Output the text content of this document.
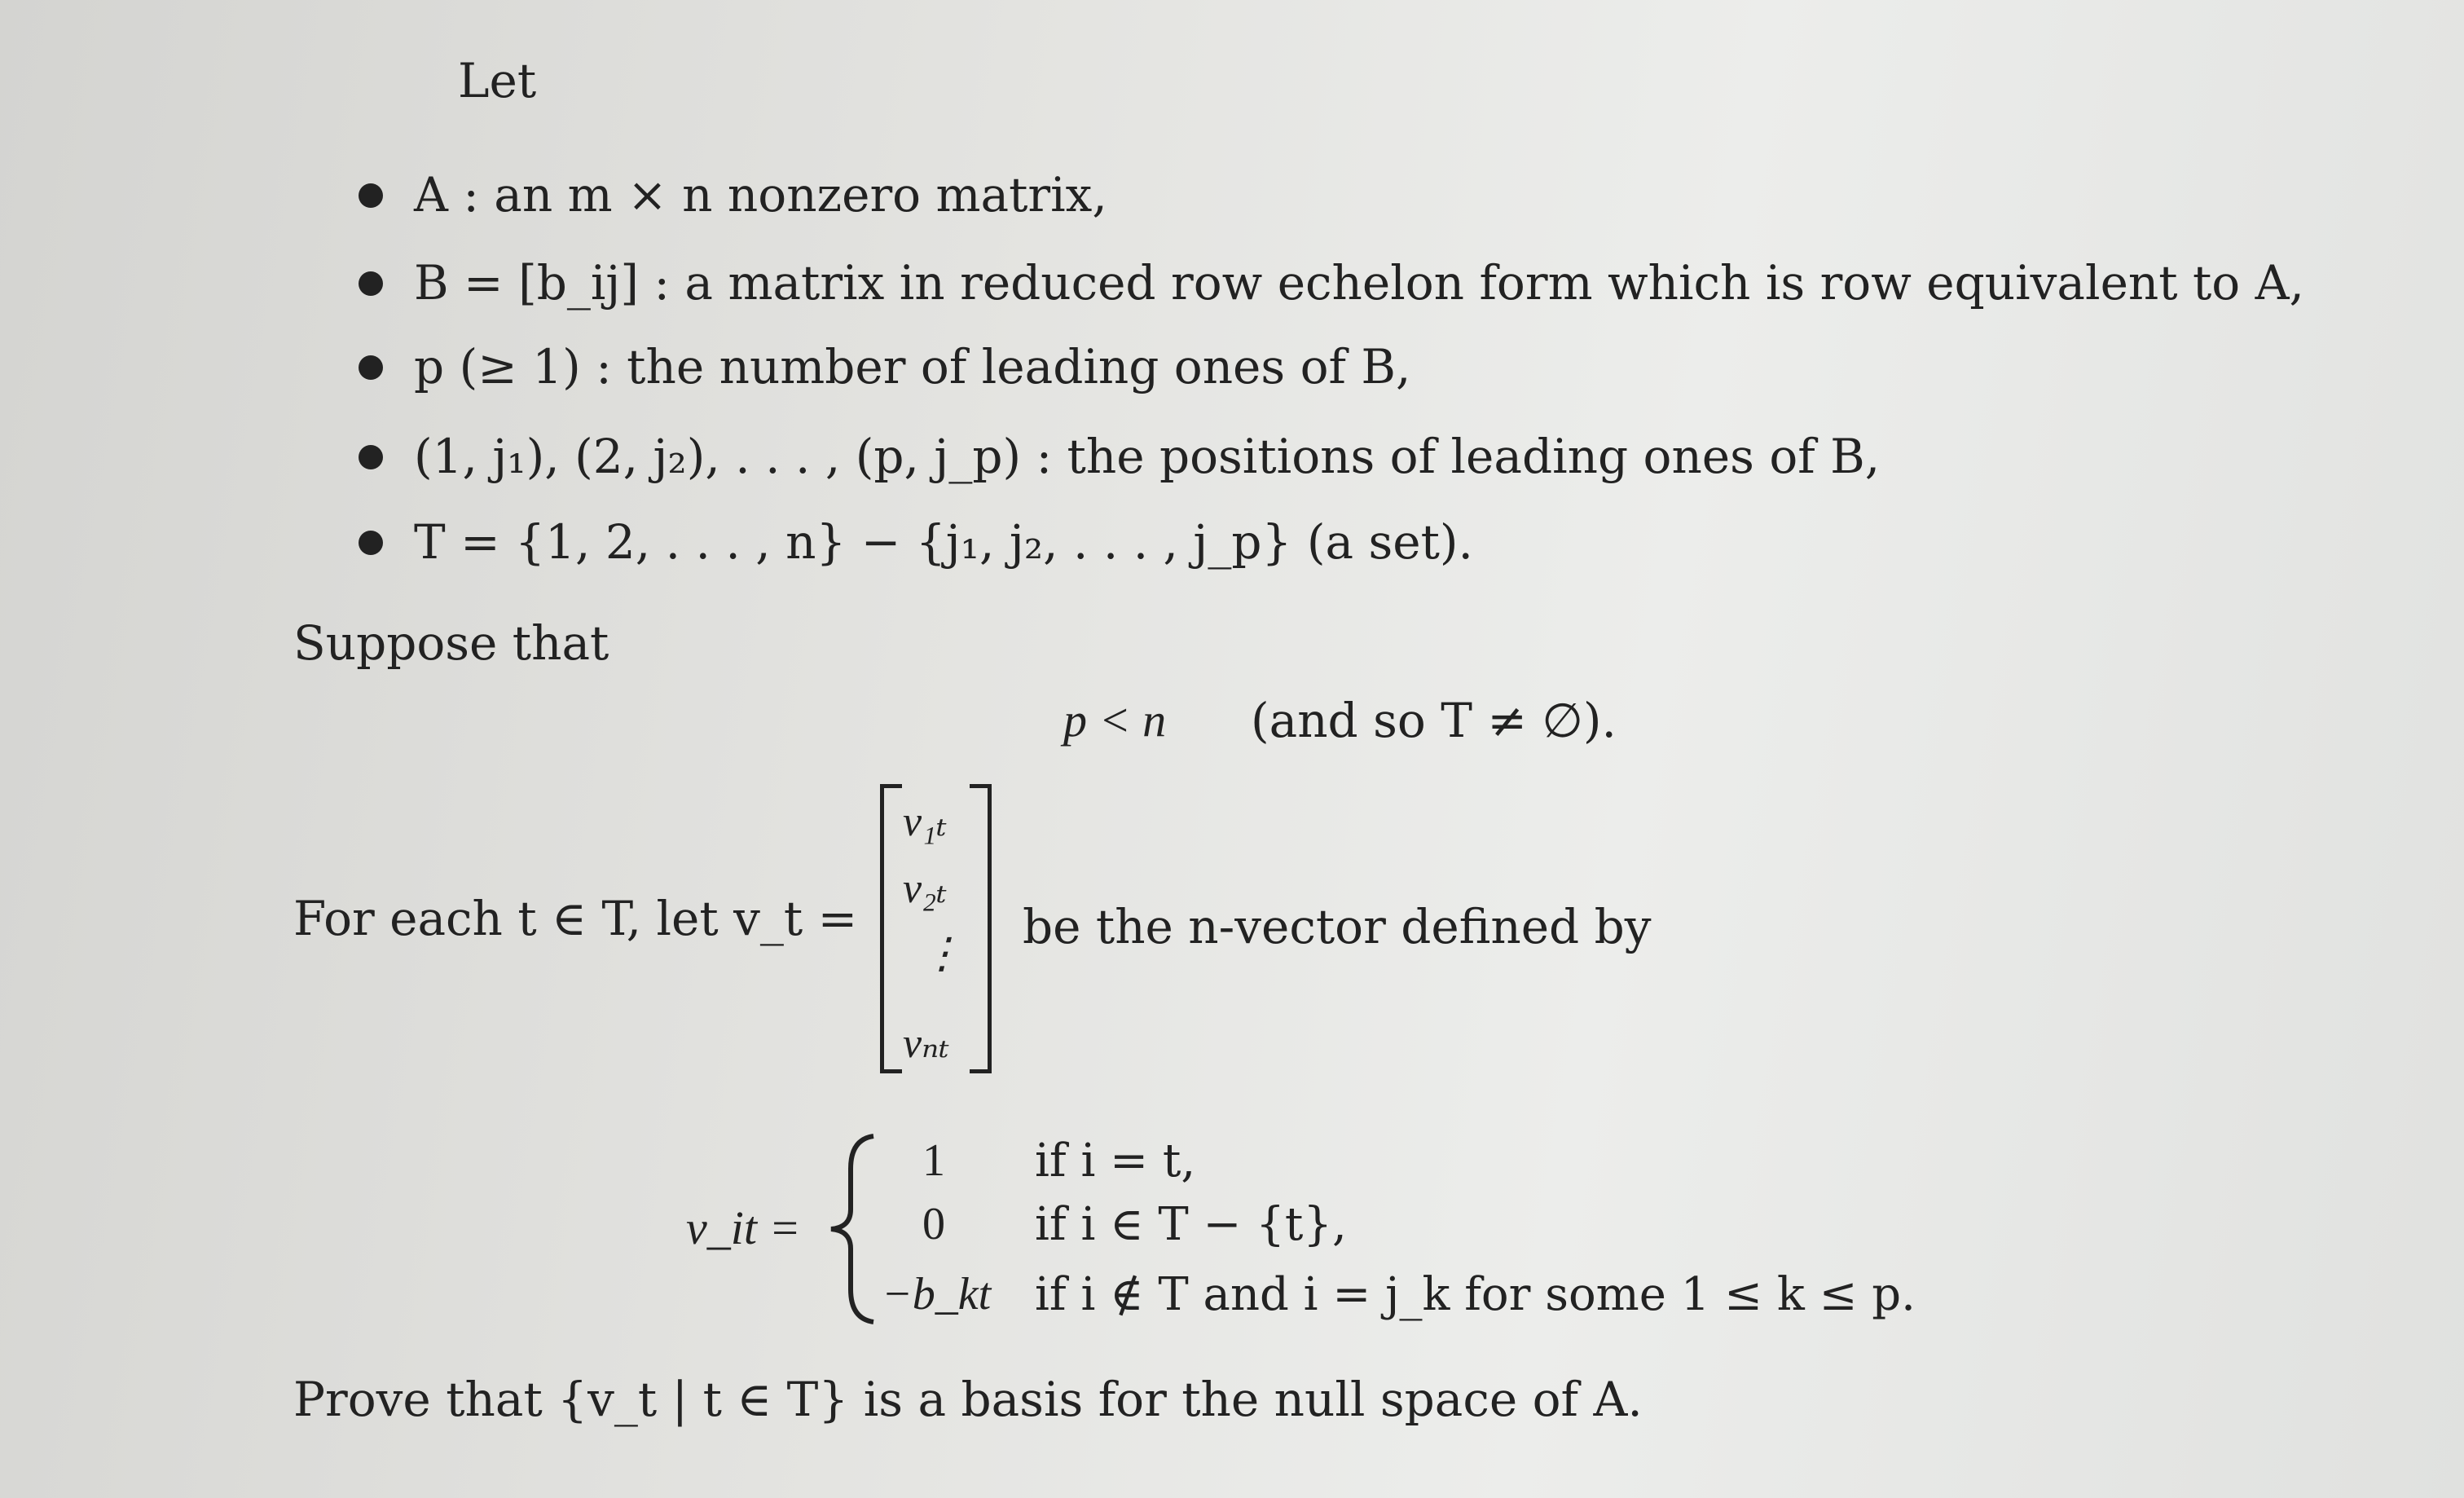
Let
A : an m × n nonzero matrix,
B = [b_ij] : a matrix in reduced row echelon form which is row equivalent to A,
p (≥ 1) : the number of leading ones of B,
(1, j₁), (2, j₂), . . . , (p, j_p) : the positions of leading ones of B,
T = {1, 2, . . . , n} − {j₁, j₂, . . . , j_p} (a set).
Suppose that
p < n (and so T ≠ ∅).
For each t ∈ T, let v_t =
v₁ₜ
v₂ₜ
⋮
vₙₜ
be the n-vector defined by
v_it =
1 if i = t,
0 if i ∈ T − {t},
−b_kt if i ∉ T and i = j_k for some 1 ≤ k ≤ p.
Prove that {v_t | t ∈ T} is a basis for the null space of A.
